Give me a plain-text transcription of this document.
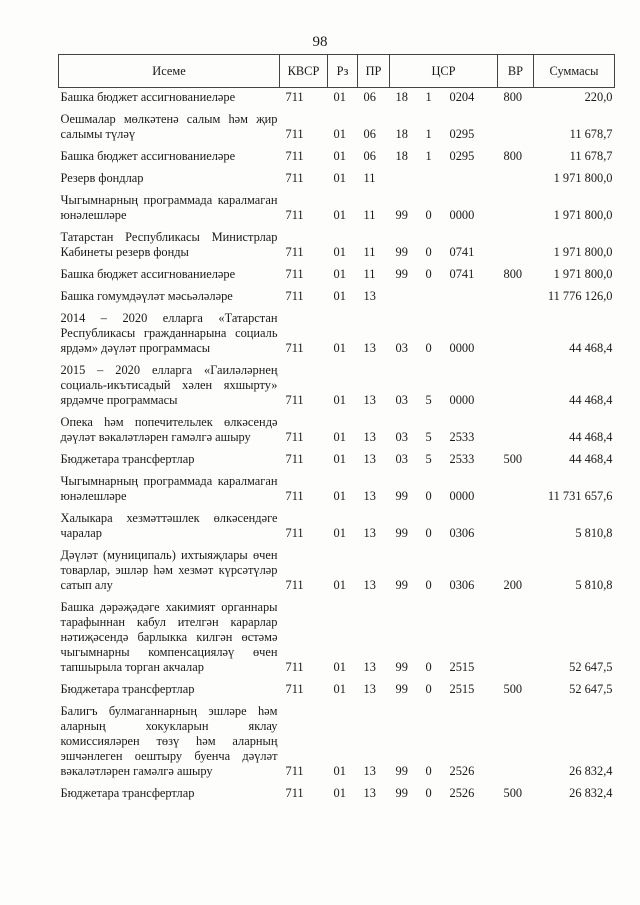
98
Исеме	КВСР	Рз	ПР	ЦСР			ВР	Суммасы
Башка бюджет ассигнованиеләре	711	01	06	18	1	0204	800	220,0
Оешмалар мөлкәтенә салым һәм җир салымы түләү	711	01	06	18	1	0295		11 678,7
Башка бюджет ассигнованиеләре	711	01	06	18	1	0295	800	11 678,7
Резерв фондлар	711	01	11					1 971 800,0
Чыгымнарның программада каралмаган юнәлешләре	711	01	11	99	0	0000		1 971 800,0
Татарстан Республикасы Министрлар Кабинеты резерв фонды	711	01	11	99	0	0741		1 971 800,0
Башка бюджет ассигнованиеләре	711	01	11	99	0	0741	800	1 971 800,0
Башка гомумдәүләт мәсьәләләре	711	01	13					11 776 126,0
2014 – 2020 елларга «Татарстан Республикасы гражданнарына социаль ярдәм» дәүләт программасы	711	01	13	03	0	0000		44 468,4
2015 – 2020 елларга «Гаиләләрнең социаль-икътисадый хәлен яхшырту» ярдәмче программасы	711	01	13	03	5	0000		44 468,4
Опека һәм попечительлек өлкәсендә дәүләт вәкаләтләрен гамәлгә ашыру	711	01	13	03	5	2533		44 468,4
Бюджетара трансфертлар	711	01	13	03	5	2533	500	44 468,4
Чыгымнарның программада каралмаган юнәлешләре	711	01	13	99	0	0000		11 731 657,6
Халыкара хезмәттәшлек өлкәсендәге чаралар	711	01	13	99	0	0306		5 810,8
Дәүләт (муниципаль) ихтыяҗлары өчен товарлар, эшләр һәм хезмәт күрсәтүләр сатып алу	711	01	13	99	0	0306	200	5 810,8
Башка дәрәҗәдәге хакимият органнары тарафыннан кабул ителгән карарлар нәтиҗәсендә барлыкка килгән өстәмә чыгымнарны компенсацияләү өчен тапшырыла торган акчалар	711	01	13	99	0	2515		52 647,5
Бюджетара трансфертлар	711	01	13	99	0	2515	500	52 647,5
Балигъ булмаганнарның эшләре һәм аларның хокукларын яклау комиссияләрен төзү һәм аларның эшчәнлеген оештыру буенча дәүләт вәкаләтләрен гамәлгә ашыру	711	01	13	99	0	2526		26 832,4
Бюджетара трансфертлар	711	01	13	99	0	2526	500	26 832,4
